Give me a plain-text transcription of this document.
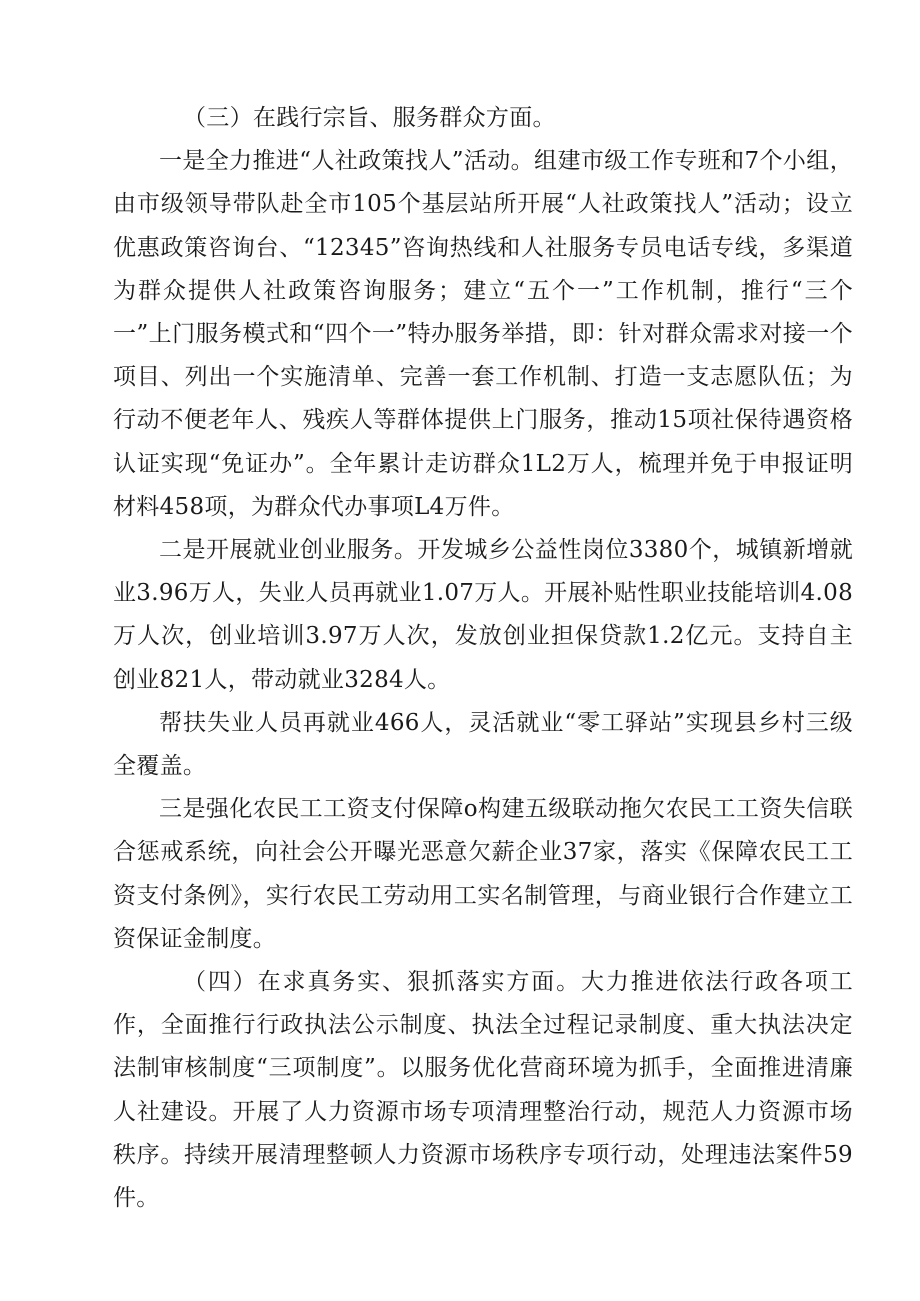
（三）在践行宗旨、服务群众方面。

一是全力推进“人社政策找人”活动。组建市级工作专班和7个小组，由市级领导带队赴全市105个基层站所开展“人社政策找人”活动；设立优惠政策咨询台、“12345”咨询热线和人社服务专员电话专线，多渠道为群众提供人社政策咨询服务；建立“五个一”工作机制，推行“三个一”上门服务模式和“四个一”特办服务举措，即：针对群众需求对接一个项目、列出一个实施清单、完善一套工作机制、打造一支志愿队伍；为行动不便老年人、残疾人等群体提供上门服务，推动15项社保待遇资格认证实现“免证办”。全年累计走访群众1L2万人，梳理并免于申报证明材料458项，为群众代办事项L4万件。

二是开展就业创业服务。开发城乡公益性岗位3380个，城镇新增就业3.96万人，失业人员再就业1.07万人。开展补贴性职业技能培训4.08万人次，创业培训3.97万人次，发放创业担保贷款1.2亿元。支持自主创业821人，带动就业3284人。

帮扶失业人员再就业466人，灵活就业“零工驿站”实现县乡村三级全覆盖。

三是强化农民工工资支付保障o构建五级联动拖欠农民工工资失信联合惩戒系统，向社会公开曝光恶意欠薪企业37家，落实《保障农民工工资支付条例》，实行农民工劳动用工实名制管理，与商业银行合作建立工资保证金制度。

（四）在求真务实、狠抓落实方面。大力推进依法行政各项工作，全面推行行政执法公示制度、执法全过程记录制度、重大执法决定法制审核制度“三项制度”。以服务优化营商环境为抓手，全面推进清廉人社建设。开展了人力资源市场专项清理整治行动，规范人力资源市场秩序。持续开展清理整顿人力资源市场秩序专项行动，处理违法案件59件。
